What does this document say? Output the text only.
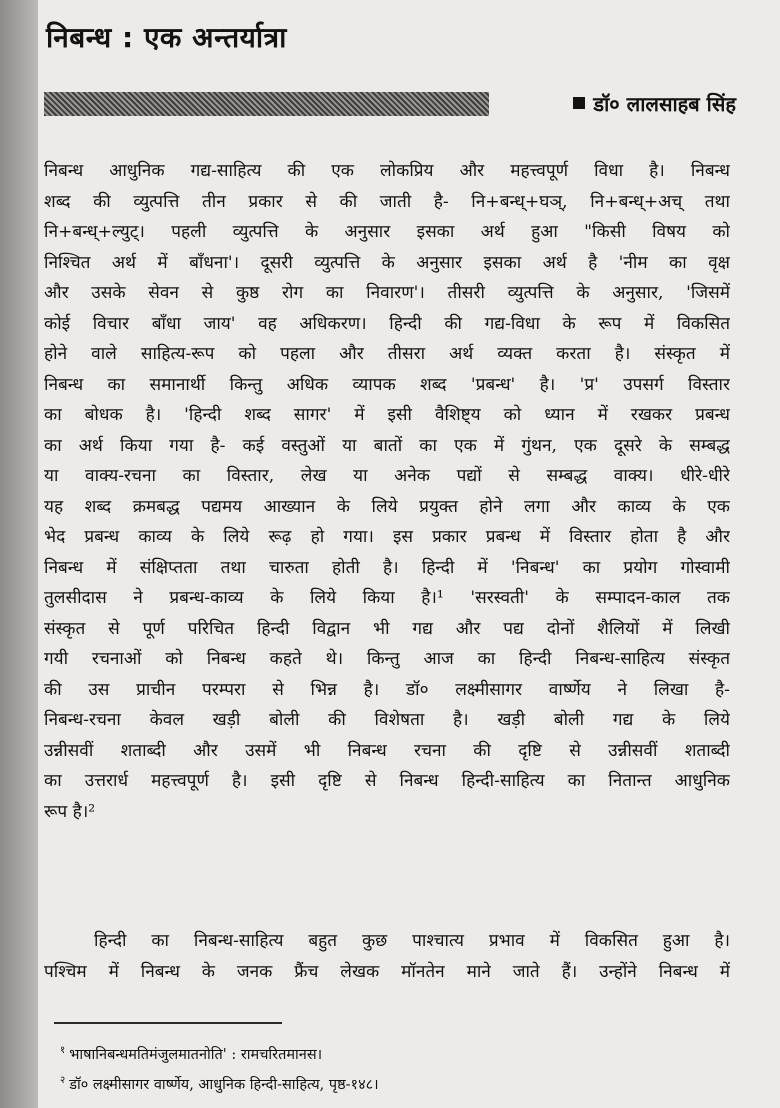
निबन्ध : एक अन्तर्यात्रा
डॉ० लालसाहब सिंह
निबन्ध आधुनिक गद्य-साहित्य की एक लोकप्रिय और महत्त्वपूर्ण विधा है। निबन्ध
शब्द की व्युत्पत्ति तीन प्रकार से की जाती है- नि+बन्ध्+घञ्, नि+बन्ध्+अच् तथा
नि+बन्ध्+ल्युट्। पहली व्युत्पत्ति के अनुसार इसका अर्थ हुआ "किसी विषय को
निश्चित अर्थ में बाँधना'। दूसरी व्युत्पत्ति के अनुसार इसका अर्थ है 'नीम का वृक्ष
और उसके सेवन से कुष्ठ रोग का निवारण'। तीसरी व्युत्पत्ति के अनुसार, 'जिसमें
कोई विचार बाँधा जाय' वह अधिकरण। हिन्दी की गद्य-विधा के रूप में विकसित
होने वाले साहित्य-रूप को पहला और तीसरा अर्थ व्यक्त करता है। संस्कृत में
निबन्ध का समानार्थी किन्तु अधिक व्यापक शब्द 'प्रबन्ध' है। 'प्र' उपसर्ग विस्तार
का बोधक है। 'हिन्दी शब्द सागर' में इसी वैशिष्ट्य को ध्यान में रखकर प्रबन्ध
का अर्थ किया गया है- कई वस्तुओं या बातों का एक में गुंथन, एक दूसरे के सम्बद्ध
या वाक्य-रचना का विस्तार, लेख या अनेक पद्यों से सम्बद्ध वाक्य। धीरे-धीरे
यह शब्द क्रमबद्ध पद्यमय आख्यान के लिये प्रयुक्त होने लगा और काव्य के एक
भेद प्रबन्ध काव्य के लिये रूढ़ हो गया। इस प्रकार प्रबन्ध में विस्तार होता है और
निबन्ध में संक्षिप्तता तथा चारुता होती है। हिन्दी में 'निबन्ध' का प्रयोग गोस्वामी
तुलसीदास ने प्रबन्ध-काव्य के लिये किया है।¹ 'सरस्वती' के सम्पादन-काल तक
संस्कृत से पूर्ण परिचित हिन्दी विद्वान भी गद्य और पद्य दोनों शैलियों में लिखी
गयी रचनाओं को निबन्ध कहते थे। किन्तु आज का हिन्दी निबन्ध-साहित्य संस्कृत
की उस प्राचीन परम्परा से भिन्न है। डॉ० लक्ष्मीसागर वार्ष्णेय ने लिखा है-
निबन्ध-रचना केवल खड़ी बोली की विशेषता है। खड़ी बोली गद्य के लिये
उन्नीसवीं शताब्दी और उसमें भी निबन्ध रचना की दृष्टि से उन्नीसवीं शताब्दी
का उत्तरार्ध महत्त्वपूर्ण है। इसी दृष्टि से निबन्ध हिन्दी-साहित्य का नितान्त आधुनिक
रूप है।²
हिन्दी का निबन्ध-साहित्य बहुत कुछ पाश्चात्य प्रभाव में विकसित हुआ है।
पश्चिम में निबन्ध के जनक फ्रैंच लेखक मॉनतेन माने जाते हैं। उन्होंने निबन्ध में
$^१$ भाषानिबन्धमतिमंजुलमातनोति' : रामचरितमानस।
$^२$ डॉ० लक्ष्मीसागर वार्ष्णेय, आधुनिक हिन्दी-साहित्य, पृष्ठ-१४८।
